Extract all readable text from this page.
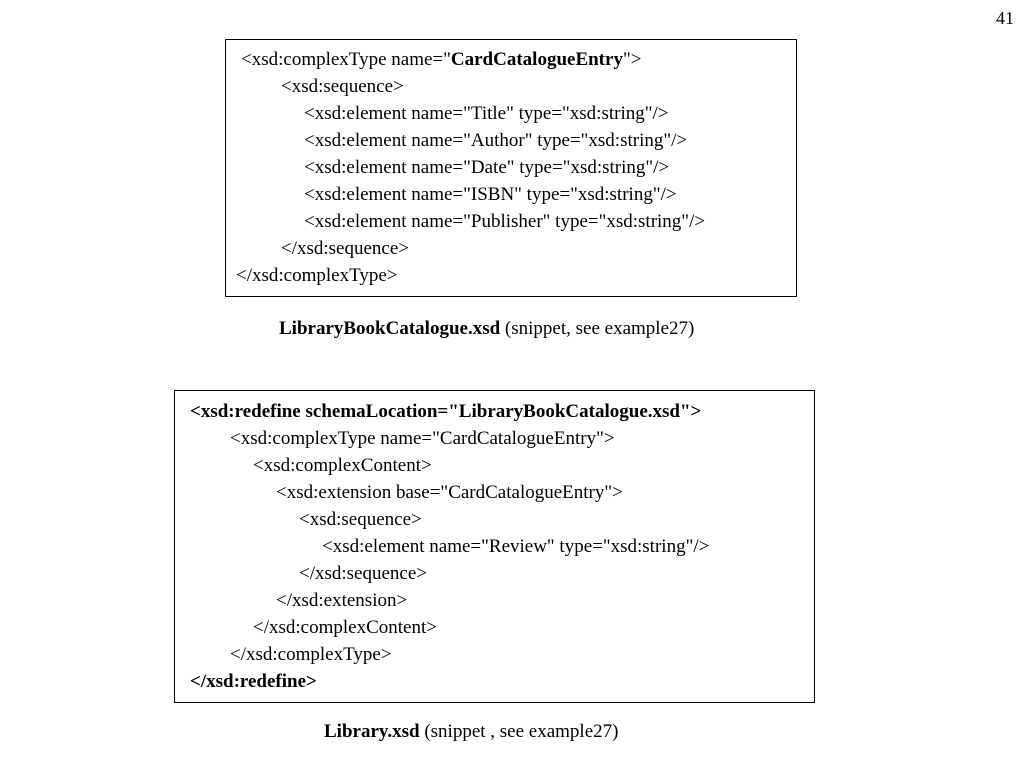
41
<xsd:complexType name="CardCatalogueEntry">
<xsd:sequence>
<xsd:element name="Title" type="xsd:string"/>
<xsd:element name="Author" type="xsd:string"/>
<xsd:element name="Date" type="xsd:string"/>
<xsd:element name="ISBN" type="xsd:string"/>
<xsd:element name="Publisher" type="xsd:string"/>
</xsd:sequence>
</xsd:complexType>
LibraryBookCatalogue.xsd (snippet, see example27)
<xsd:redefine schemaLocation="LibraryBookCatalogue.xsd">
<xsd:complexType name="CardCatalogueEntry">
<xsd:complexContent>
<xsd:extension base="CardCatalogueEntry">
<xsd:sequence>
<xsd:element name="Review" type="xsd:string"/>
</xsd:sequence>
</xsd:extension>
</xsd:complexContent>
</xsd:complexType>
</xsd:redefine>
Library.xsd (snippet , see example27)
